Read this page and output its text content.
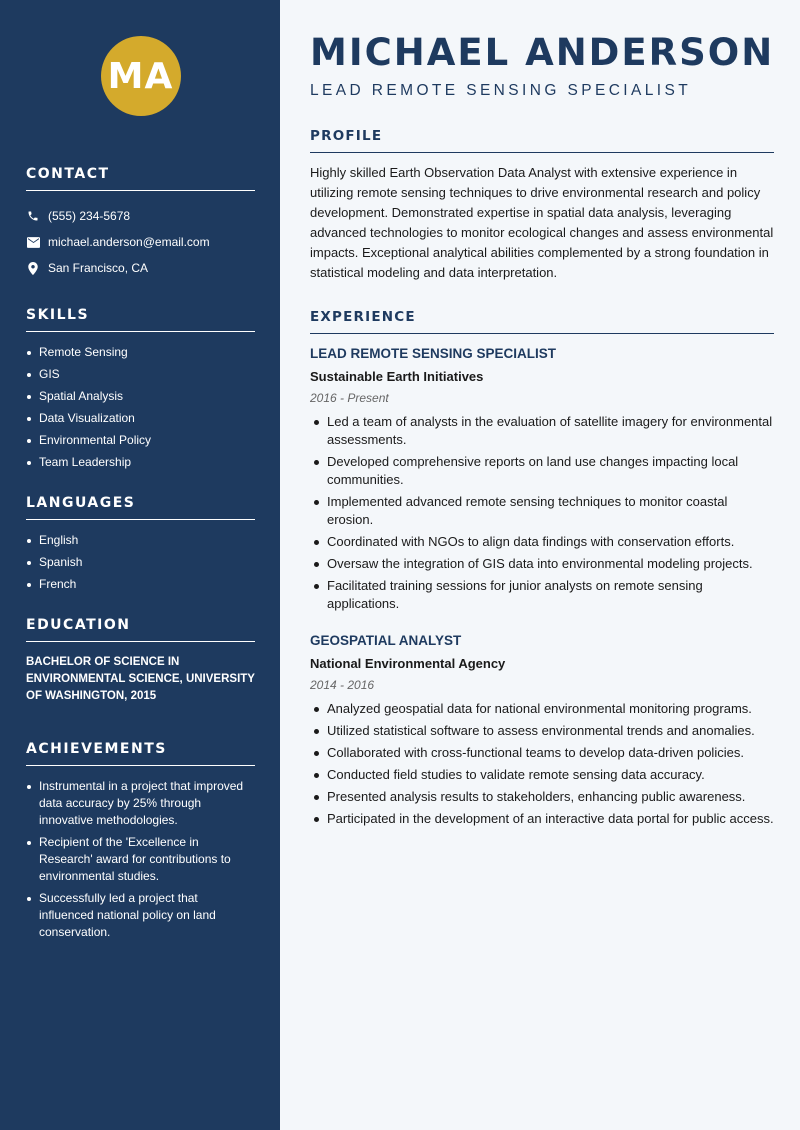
MA
CONTACT
(555) 234-5678
michael.anderson@email.com
San Francisco, CA
SKILLS
Remote Sensing
GIS
Spatial Analysis
Data Visualization
Environmental Policy
Team Leadership
LANGUAGES
English
Spanish
French
EDUCATION
BACHELOR OF SCIENCE IN ENVIRONMENTAL SCIENCE, UNIVERSITY OF WASHINGTON, 2015
ACHIEVEMENTS
Instrumental in a project that improved data accuracy by 25% through innovative methodologies.
Recipient of the 'Excellence in Research' award for contributions to environmental studies.
Successfully led a project that influenced national policy on land conservation.
MICHAEL ANDERSON
LEAD REMOTE SENSING SPECIALIST
PROFILE
Highly skilled Earth Observation Data Analyst with extensive experience in utilizing remote sensing techniques to drive environmental research and policy development. Demonstrated expertise in spatial data analysis, leveraging advanced technologies to monitor ecological changes and assess environmental impacts. Exceptional analytical abilities complemented by a strong foundation in statistical modeling and data interpretation.
EXPERIENCE
LEAD REMOTE SENSING SPECIALIST
Sustainable Earth Initiatives
2016 - Present
Led a team of analysts in the evaluation of satellite imagery for environmental assessments.
Developed comprehensive reports on land use changes impacting local communities.
Implemented advanced remote sensing techniques to monitor coastal erosion.
Coordinated with NGOs to align data findings with conservation efforts.
Oversaw the integration of GIS data into environmental modeling projects.
Facilitated training sessions for junior analysts on remote sensing applications.
GEOSPATIAL ANALYST
National Environmental Agency
2014 - 2016
Analyzed geospatial data for national environmental monitoring programs.
Utilized statistical software to assess environmental trends and anomalies.
Collaborated with cross-functional teams to develop data-driven policies.
Conducted field studies to validate remote sensing data accuracy.
Presented analysis results to stakeholders, enhancing public awareness.
Participated in the development of an interactive data portal for public access.
